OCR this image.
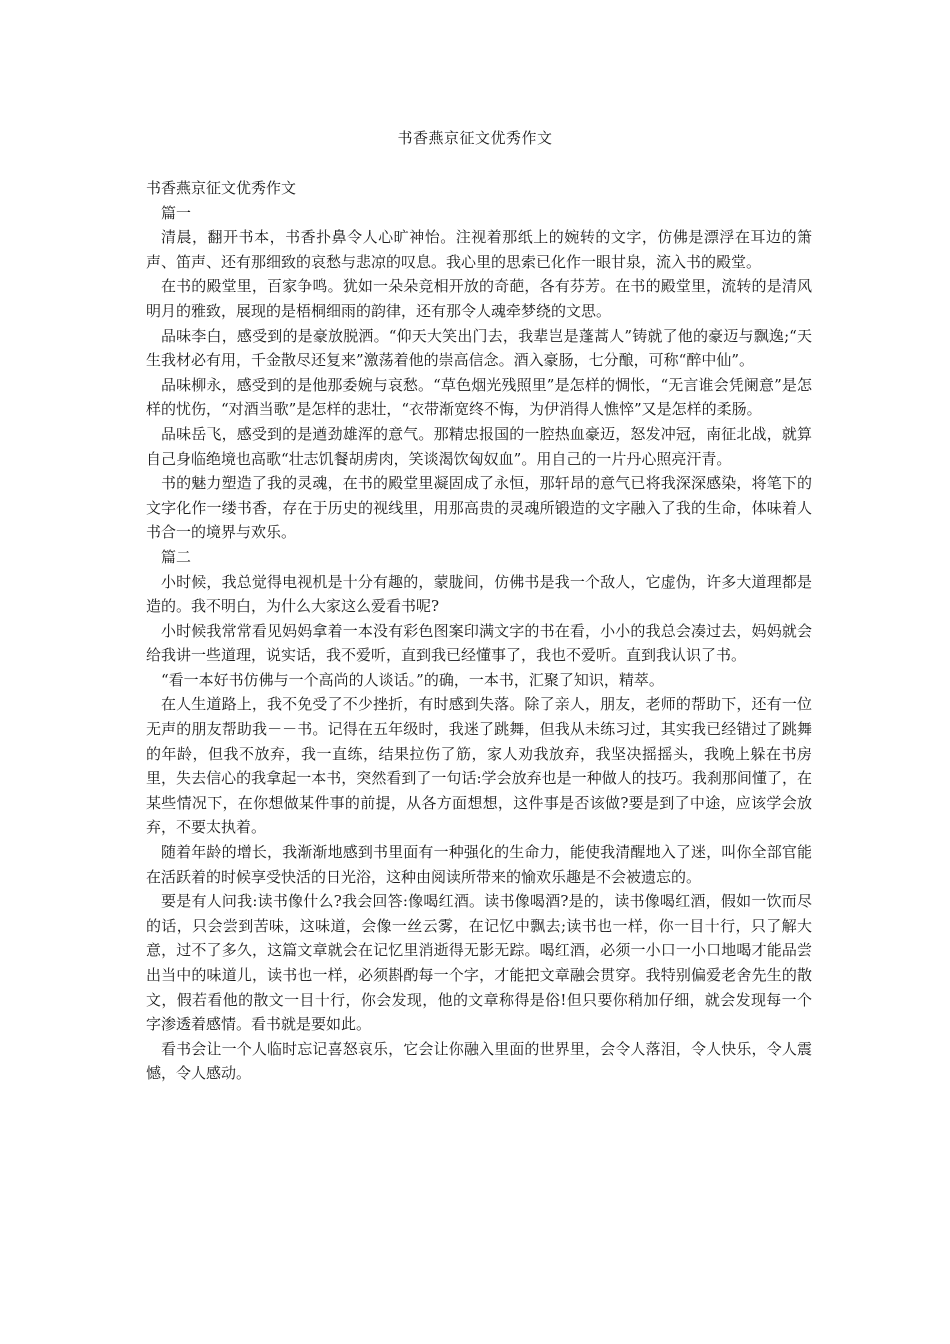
书香燕京征文优秀作文

书香燕京征文优秀作文

篇一

清晨，翻开书本，书香扑鼻令人心旷神怡。注视着那纸上的婉转的文字，仿佛是漂浮在耳边的箫声、笛声、还有那细致的哀愁与悲凉的叹息。我心里的思索已化作一眼甘泉，流入书的殿堂。

在书的殿堂里，百家争鸣。犹如一朵朵竞相开放的奇葩，各有芬芳。在书的殿堂里，流转的是清风明月的雅致，展现的是梧桐细雨的韵律，还有那令人魂牵梦绕的文思。

品味李白，感受到的是豪放脱洒。“仰天大笑出门去，我辈岂是蓬蒿人”铸就了他的豪迈与飘逸;“天生我材必有用，千金散尽还复来”激荡着他的崇高信念。酒入豪肠，七分酿，可称“醉中仙”。

品味柳永，感受到的是他那委婉与哀愁。“草色烟光残照里”是怎样的惆怅，“无言谁会凭阑意”是怎样的忧伤，“对酒当歌”是怎样的悲壮，“衣带渐宽终不悔，为伊消得人憔悴”又是怎样的柔肠。

品味岳飞，感受到的是遒劲雄浑的意气。那精忠报国的一腔热血豪迈，怒发冲冠，南征北战，就算自己身临绝境也高歌“壮志饥餐胡虏肉，笑谈渴饮匈奴血”。用自己的一片丹心照亮汗青。

书的魅力塑造了我的灵魂，在书的殿堂里凝固成了永恒，那轩昂的意气已将我深深感染，将笔下的文字化作一缕书香，存在于历史的视线里，用那高贵的灵魂所锻造的文字融入了我的生命，体味着人书合一的境界与欢乐。

篇二

小时候，我总觉得电视机是十分有趣的，蒙胧间，仿佛书是我一个敌人，它虚伪，许多大道理都是造的。我不明白，为什么大家这么爱看书呢?

小时候我常常看见妈妈拿着一本没有彩色图案印满文字的书在看，小小的我总会凑过去，妈妈就会给我讲一些道理，说实话，我不爱听，直到我已经懂事了，我也不爱听。直到我认识了书。

“看一本好书仿佛与一个高尚的人谈话。”的确，一本书，汇聚了知识，精萃。

在人生道路上，我不免受了不少挫折，有时感到失落。除了亲人，朋友，老师的帮助下，还有一位无声的朋友帮助我－－书。记得在五年级时，我迷了跳舞，但我从未练习过，其实我已经错过了跳舞的年龄，但我不放弃，我一直练，结果拉伤了筋，家人劝我放弃，我坚决摇摇头，我晚上躲在书房里，失去信心的我拿起一本书，突然看到了一句话:学会放弃也是一种做人的技巧。我刹那间懂了，在某些情况下，在你想做某件事的前提，从各方面想想，这件事是否该做?要是到了中途，应该学会放弃，不要太执着。

随着年龄的增长，我渐渐地感到书里面有一种强化的生命力，能使我清醒地入了迷，叫你全部官能在活跃着的时候享受快活的日光浴，这种由阅读所带来的愉欢乐趣是不会被遗忘的。

要是有人问我:读书像什么?我会回答:像喝红酒。读书像喝酒?是的，读书像喝红酒，假如一饮而尽的话，只会尝到苦味，这味道，会像一丝云雾，在记忆中飘去;读书也一样，你一目十行，只了解大意，过不了多久，这篇文章就会在记忆里消逝得无影无踪。喝红酒，必须一小口一小口地喝才能品尝出当中的味道儿，读书也一样，必须斟酌每一个字，才能把文章融会贯穿。我特别偏爱老舍先生的散文，假若看他的散文一目十行，你会发现，他的文章称得是俗!但只要你稍加仔细，就会发现每一个字渗透着感情。看书就是要如此。

看书会让一个人临时忘记喜怒哀乐，它会让你融入里面的世界里，会令人落泪，令人快乐，令人震憾，令人感动。
